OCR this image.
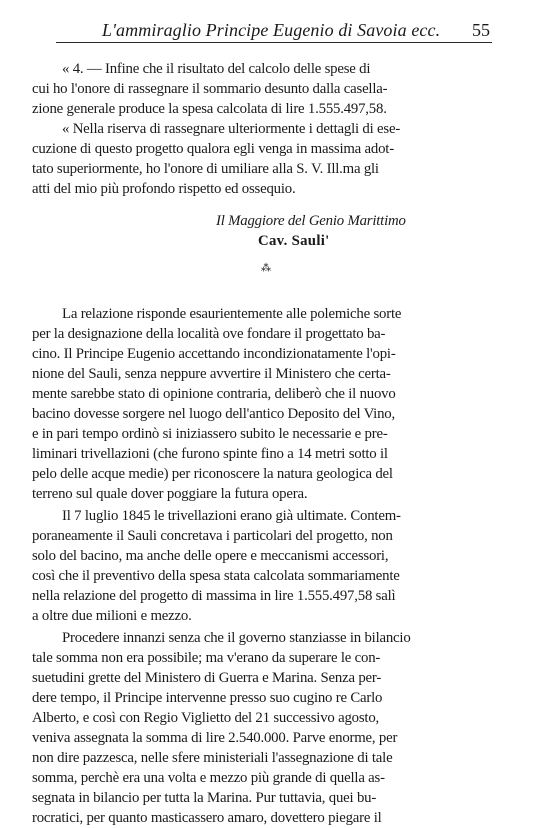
L'ammiraglio Principe Eugenio di Savoia ecc. 55
« 4. — Infine che il risultato del calcolo delle spese di
cui ho l'onore di rassegnare il sommario desunto dalla casella-
zione generale produce la spesa calcolata di lire 1.555.497,58.
« Nella riserva di rassegnare ulteriormente i dettagli di ese-
cuzione di questo progetto qualora egli venga in massima adot-
tato superiormente, ho l'onore di umiliare alla S. V. Ill.ma gli
atti del mio più profondo rispetto ed ossequio.
Il Maggiore del Genio Marittimo
Cav. Sauli'
⁂
La relazione risponde esaurientemente alle polemiche sorte
per la designazione della località ove fondare il progettato ba-
cino. Il Principe Eugenio accettando incondizionatamente l'opi-
nione del Sauli, senza neppure avvertire il Ministero che certa-
mente sarebbe stato di opinione contraria, deliberò che il nuovo
bacino dovesse sorgere nel luogo dell'antico Deposito del Vino,
e in pari tempo ordinò si iniziassero subito le necessarie e pre-
liminari trivellazioni (che furono spinte fino a 14 metri sotto il
pelo delle acque medie) per riconoscere la natura geologica del
terreno sul quale dover poggiare la futura opera.
Il 7 luglio 1845 le trivellazioni erano già ultimate. Contem-
poraneamente il Sauli concretava i particolari del progetto, non
solo del bacino, ma anche delle opere e meccanismi accessori,
così che il preventivo della spesa stata calcolata sommariamente
nella relazione del progetto di massima in lire 1.555.497,58 salì
a oltre due milioni e mezzo.
Procedere innanzi senza che il governo stanziasse in bilancio
tale somma non era possibile; ma v'erano da superare le con-
suetudini grette del Ministero di Guerra e Marina. Senza per-
dere tempo, il Principe intervenne presso suo cugino re Carlo
Alberto, e così con Regio Viglietto del 21 successivo agosto,
veniva assegnata la somma di lire 2.540.000. Parve enorme, per
non dire pazzesca, nelle sfere ministeriali l'assegnazione di tale
somma, perchè era una volta e mezzo più grande di quella as-
segnata in bilancio per tutta la Marina. Pur tuttavia, quei bu-
rocratici, per quanto masticassero amaro, dovettero piegare il
